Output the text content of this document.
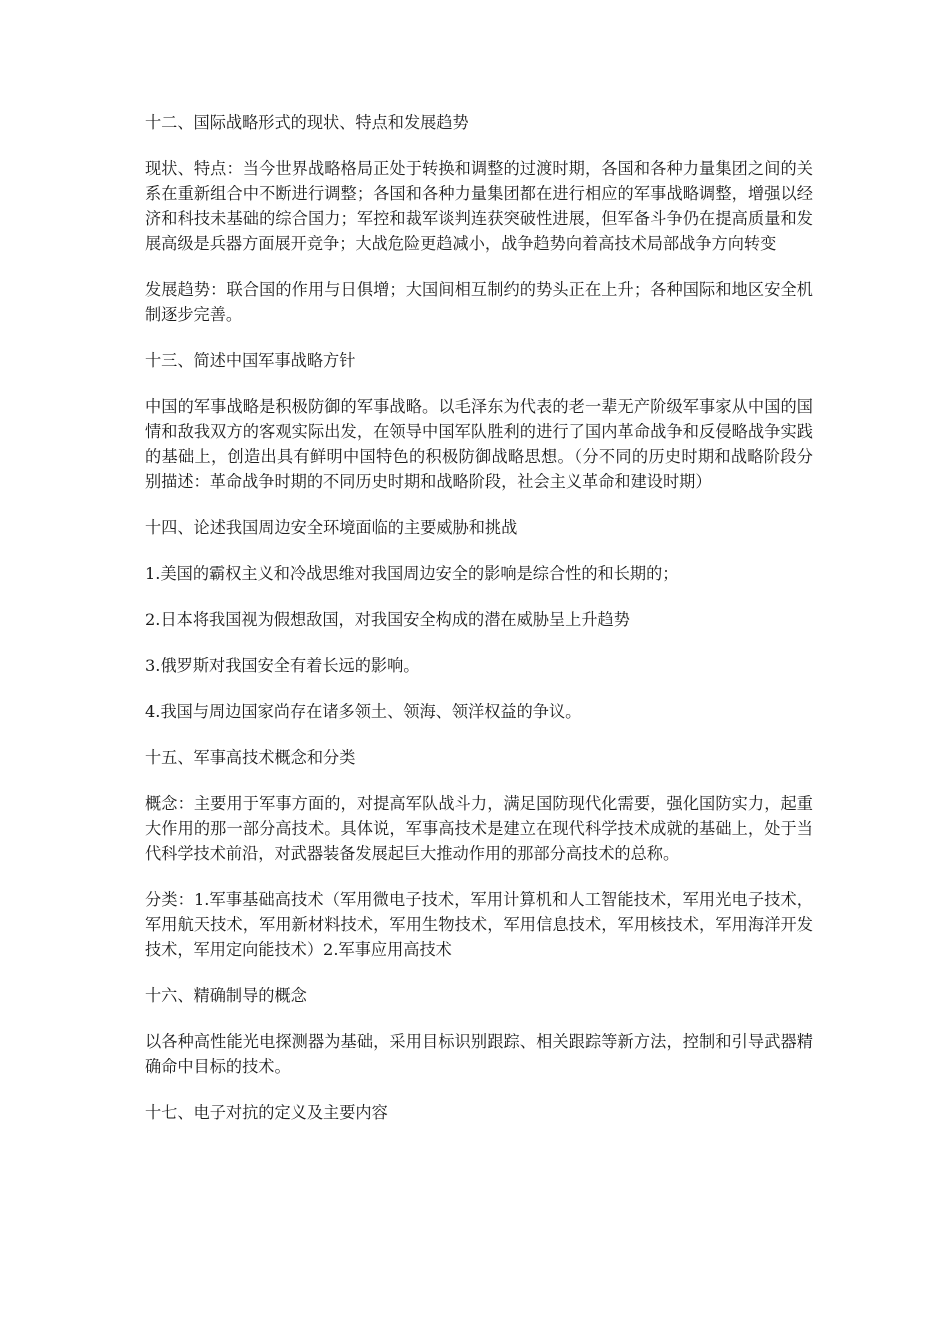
十二、国际战略形式的现状、特点和发展趋势

现状、特点：当今世界战略格局正处于转换和调整的过渡时期，各国和各种力量集团之间的关系在重新组合中不断进行调整；各国和各种力量集团都在进行相应的军事战略调整，增强以经济和科技未基础的综合国力；军控和裁军谈判连获突破性进展，但军备斗争仍在提高质量和发展高级是兵器方面展开竞争；大战危险更趋减小，战争趋势向着高技术局部战争方向转变

发展趋势：联合国的作用与日俱增；大国间相互制约的势头正在上升；各种国际和地区安全机制逐步完善。

十三、简述中国军事战略方针

中国的军事战略是积极防御的军事战略。以毛泽东为代表的老一辈无产阶级军事家从中国的国情和敌我双方的客观实际出发，在领导中国军队胜利的进行了国内革命战争和反侵略战争实践的基础上，创造出具有鲜明中国特色的积极防御战略思想。（分不同的历史时期和战略阶段分别描述：革命战争时期的不同历史时期和战略阶段，社会主义革命和建设时期）

十四、论述我国周边安全环境面临的主要威胁和挑战

1.美国的霸权主义和冷战思维对我国周边安全的影响是综合性的和长期的；

2.日本将我国视为假想敌国，对我国安全构成的潜在威胁呈上升趋势

3.俄罗斯对我国安全有着长远的影响。

4.我国与周边国家尚存在诸多领土、领海、领洋权益的争议。

十五、军事高技术概念和分类

概念：主要用于军事方面的，对提高军队战斗力，满足国防现代化需要，强化国防实力，起重大作用的那一部分高技术。具体说，军事高技术是建立在现代科学技术成就的基础上，处于当代科学技术前沿，对武器装备发展起巨大推动作用的那部分高技术的总称。

分类：1.军事基础高技术（军用微电子技术，军用计算机和人工智能技术，军用光电子技术，军用航天技术，军用新材料技术，军用生物技术，军用信息技术，军用核技术，军用海洋开发技术，军用定向能技术）2.军事应用高技术

十六、精确制导的概念

以各种高性能光电探测器为基础，采用目标识别跟踪、相关跟踪等新方法，控制和引导武器精确命中目标的技术。

十七、电子对抗的定义及主要内容
